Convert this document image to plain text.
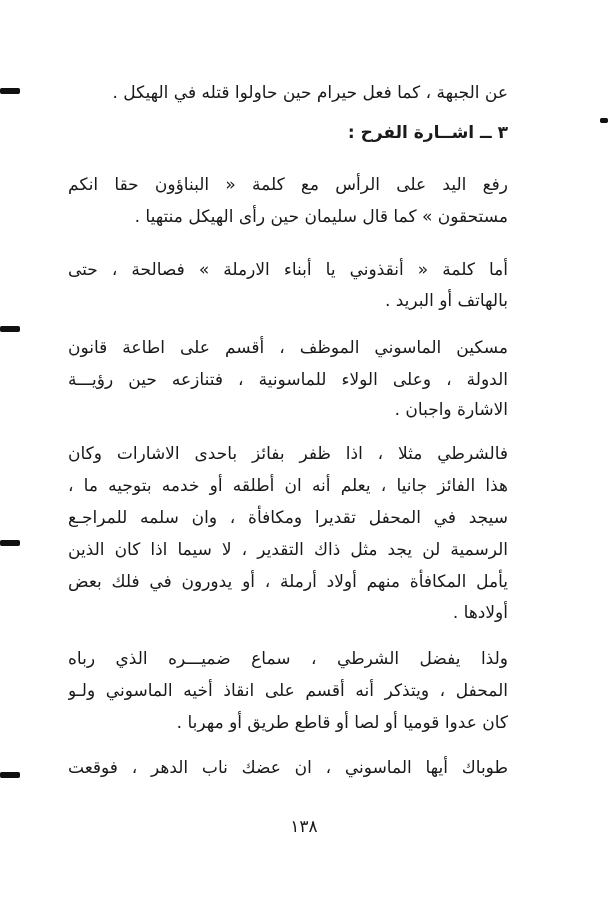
عن الجبهة ، كما فعل حيرام حين حاولوا قتله في الهيكل .
٣ ــ اشــارة الفرح :
رفع اليد على الرأس مع كلمة « البناؤون حقا انكم
مستحقون » كما قال سليمان حين رأى الهيكل منتهيا .
أما كلمة « أنقذوني يا أبناء الارملة » فصالحة ، حتى
بالهاتف أو البريد .
مسكين الماسوني الموظف ، أقسم على اطاعة قانون
الدولة ، وعلى الولاء للماسونية ، فتنازعه حين رؤيـــة
الاشارة واجبان .
فالشرطي مثلا ، اذا ظفر بفائز باحدى الاشارات وكان
هذا الفائز جانيا ، يعلم أنه ان أطلقه أو خدمه بتوجيه ما ،
سيجد في المحفل تقديرا ومكافأة ، وان سلمه للمراجـع
الرسمية لن يجد مثل ذاك التقدير ، لا سيما اذا كان الذين
يأمل المكافأة منهم أولاد أرملة ، أو يدورون في فلك بعض
أولادها .
ولذا يفضل الشرطي ، سماع ضميـــره الذي رباه
المحفل ، ويتذكر أنه أقسم على انقاذ أخيه الماسوني ولـو
كان عدوا قوميا أو لصا أو قاطع طريق أو مهربا .
طوباك أيها الماسوني ، ان عضك ناب الدهر ، فوقعت
١٣٨
